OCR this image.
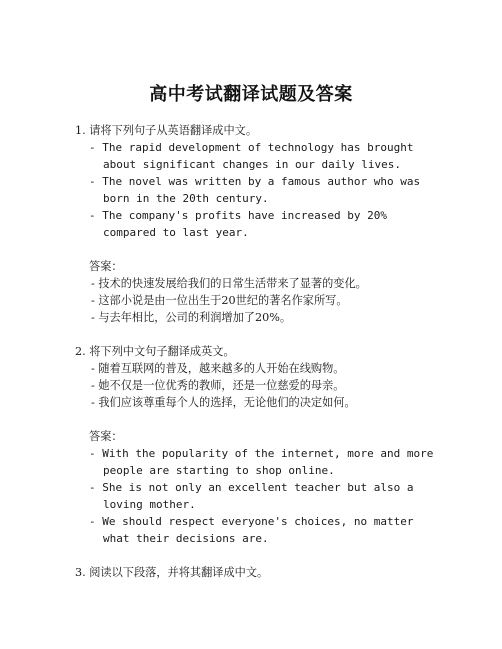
高中考试翻译试题及答案
1. 请将下列句子从英语翻译成中文。
- The rapid development of technology has brought about significant changes in our daily lives.
- The novel was written by a famous author who was born in the 20th century.
- The company's profits have increased by 20% compared to last year.
答案：
- 技术的快速发展给我们的日常生活带来了显著的变化。
- 这部小说是由一位出生于20世纪的著名作家所写。
- 与去年相比，公司的利润增加了20%。
2. 将下列中文句子翻译成英文。
- 随着互联网的普及，越来越多的人开始在线购物。
- 她不仅是一位优秀的教师，还是一位慈爱的母亲。
- 我们应该尊重每个人的选择，无论他们的决定如何。
答案：
- With the popularity of the internet, more and more people are starting to shop online.
- She is not only an excellent teacher but also a loving mother.
- We should respect everyone's choices, no matter what their decisions are.
3. 阅读以下段落，并将其翻译成中文。
